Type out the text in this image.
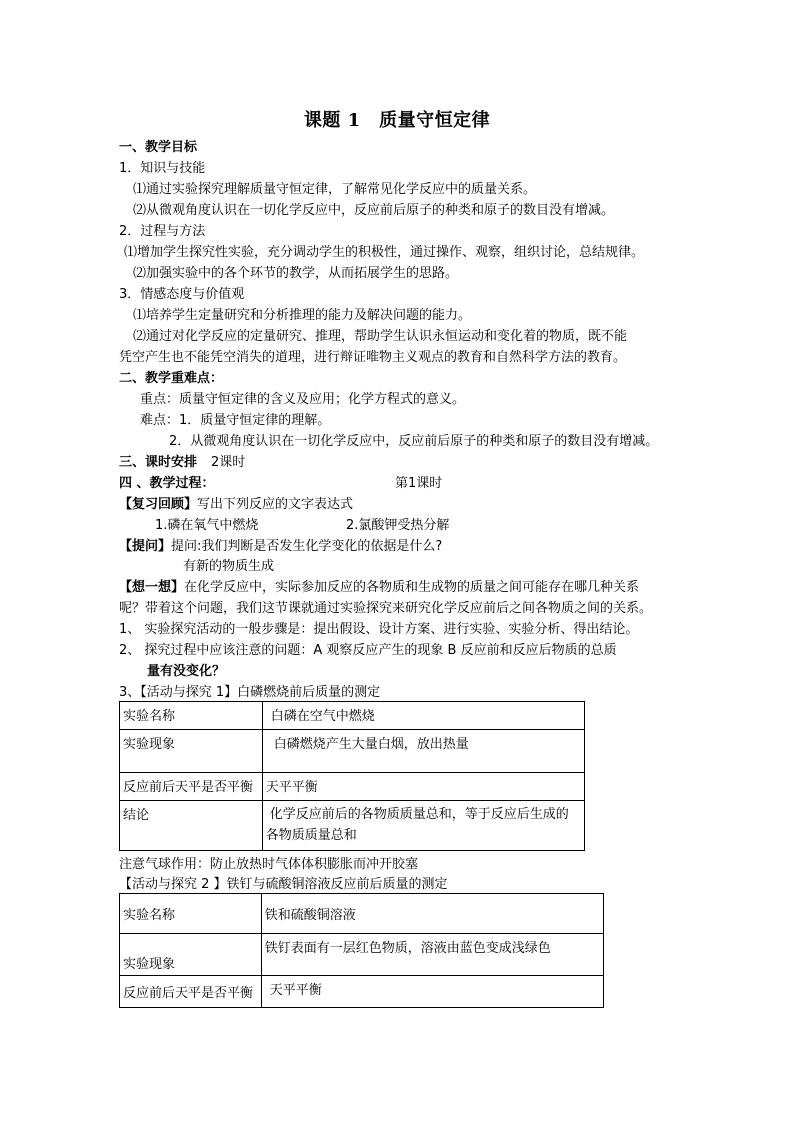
课题 1　质量守恒定律
一、教学目标
1．知识与技能
⑴通过实验探究理解质量守恒定律，了解常见化学反应中的质量关系。
⑵从微观角度认识在一切化学反应中，反应前后原子的种类和原子的数目没有增减。
2．过程与方法
⑴增加学生探究性实验，充分调动学生的积极性，通过操作、观察，组织讨论，总结规律。
⑵加强实验中的各个环节的教学，从而拓展学生的思路。
3．情感态度与价值观
⑴培养学生定量研究和分析推理的能力及解决问题的能力。
⑵通过对化学反应的定量研究、推理，帮助学生认识永恒运动和变化着的物质，既不能
凭空产生也不能凭空消失的道理，进行辩证唯物主义观点的教育和自然科学方法的教育。
二、教学重难点：
重点：质量守恒定律的含义及应用；化学方程式的意义。
难点：1．质量守恒定律的理解。
2．从微观角度认识在一切化学反应中，反应前后原子的种类和原子的数目没有增减。
三、课时安排 2课时
四 、教学过程：	第1课时
【复习回顾】写出下列反应的文字表达式
1.磷在氧气中燃烧	2.氯酸钾受热分解
【提问】提问:我们判断是否发生化学变化的依据是什么?
有新的物质生成
【想一想】在化学反应中，实际参加反应的各物质和生成物的质量之间可能存在哪几种关系
呢？带着这个问题，我们这节课就通过实验探究来研究化学反应前后之间各物质之间的关系。
1、 实验探究活动的一般步骤是：提出假设、设计方案、进行实验、实验分析、得出结论。
2、 探究过程中应该注意的问题：A 观察反应产生的现象 B 反应前和反应后物质的总质
量有没变化？
3、【活动与探究 1】白磷燃烧前后质量的测定
实验名称	白磷在空气中燃烧
实验现象	白磷燃烧产生大量白烟，放出热量
反应前后天平是否平衡	天平平衡
结论	化学反应前后的各物质质量总和，等于反应后生成的
各物质质量总和
注意气球作用：防止放热时气体体积膨胀而冲开胶塞
【活动与探究 2 】铁钉与硫酸铜溶液反应前后质量的测定
实验名称	铁和硫酸铜溶液
实验现象	铁钉表面有一层红色物质，溶液由蓝色变成浅绿色
反应前后天平是否平衡	天平平衡
